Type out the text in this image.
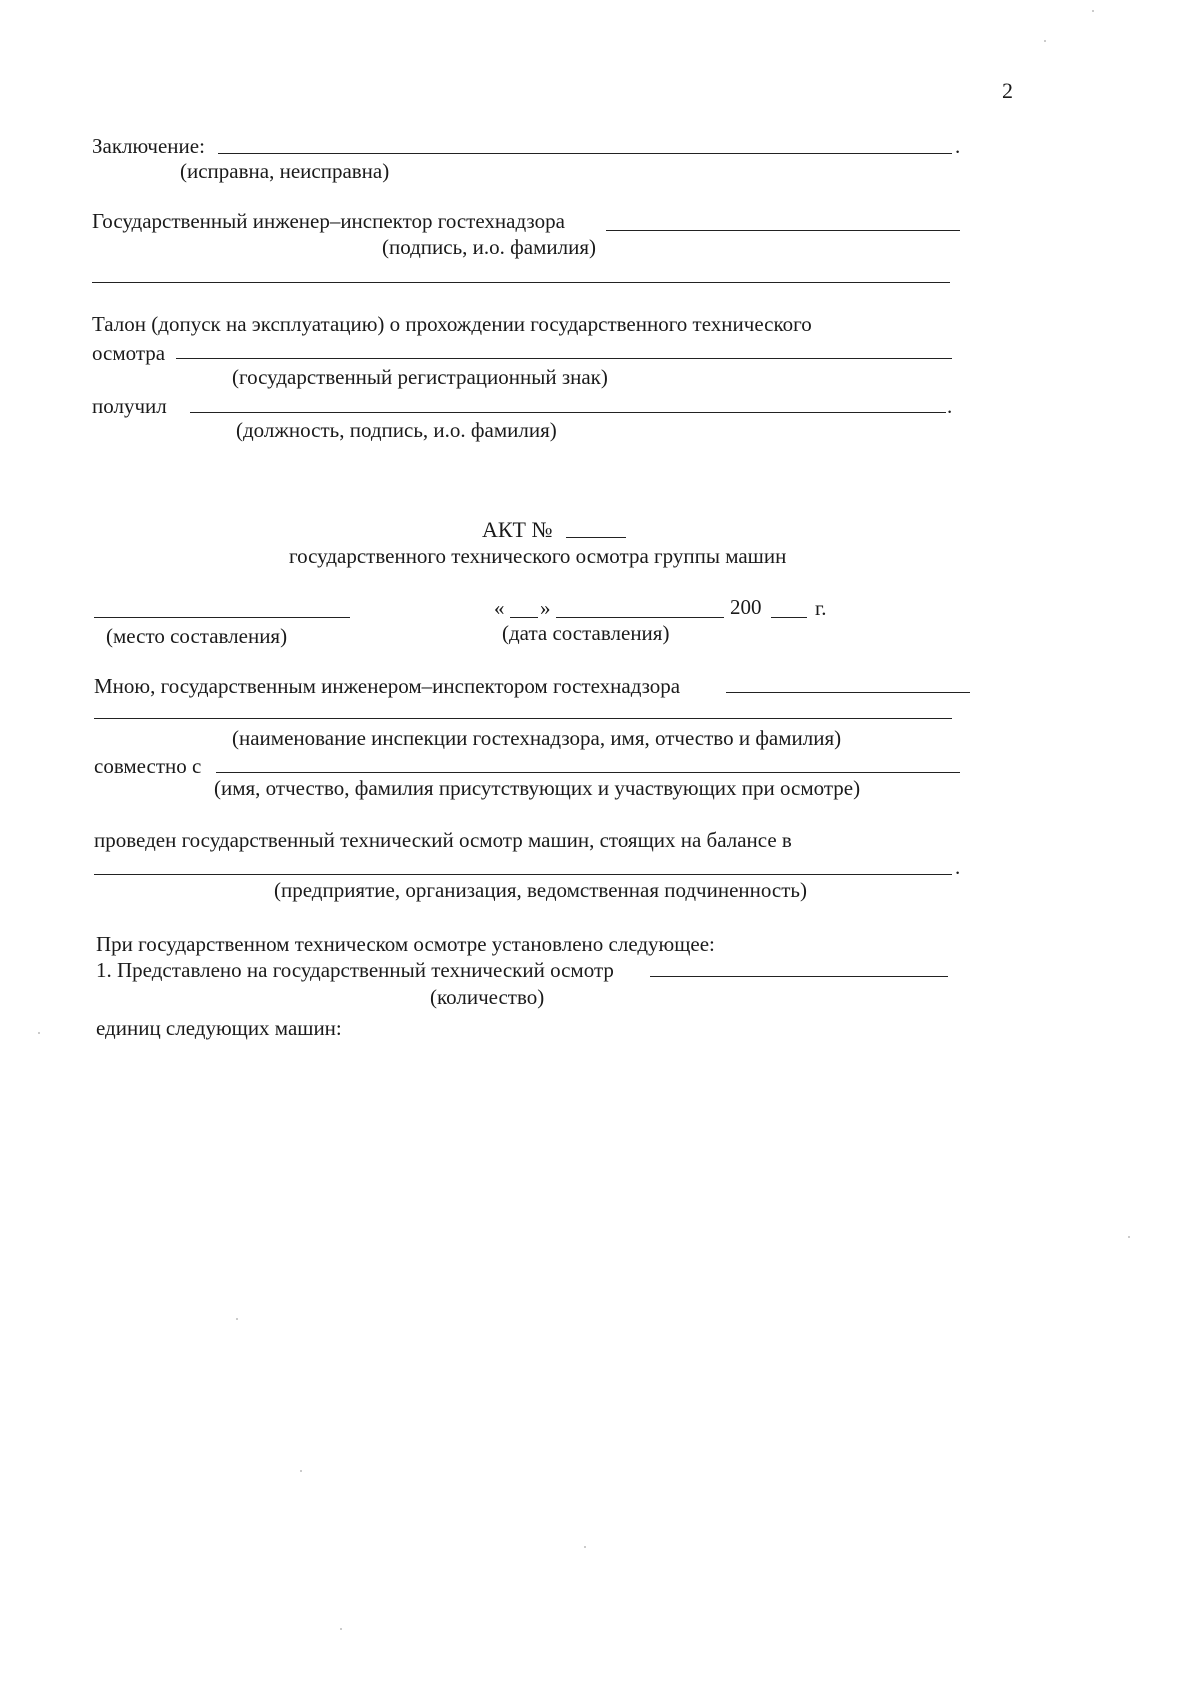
2
Заключение:	.
(исправна, неисправна)
Государственный инженер–инспектор гостехнадзора
(подпись, и.о. фамилия)
Талон (допуск на эксплуатацию) о прохождении государственного технического
осмотра
(государственный регистрационный знак)
получил	.
(должность, подпись, и.о. фамилия)
АКТ №
государственного технического осмотра группы машин
« »	200	г.
(место составления)	(дата составления)
Мною, государственным инженером–инспектором гостехнадзора
(наименование инспекции гостехнадзора, имя, отчество и фамилия)
совместно с
(имя, отчество, фамилия присутствующих и участвующих при осмотре)
проведен государственный технический осмотр машин, стоящих на балансе в
.
(предприятие, организация, ведомственная подчиненность)
При государственном техническом осмотре установлено следующее:
1. Представлено на государственный технический осмотр
(количество)
единиц следующих машин:
